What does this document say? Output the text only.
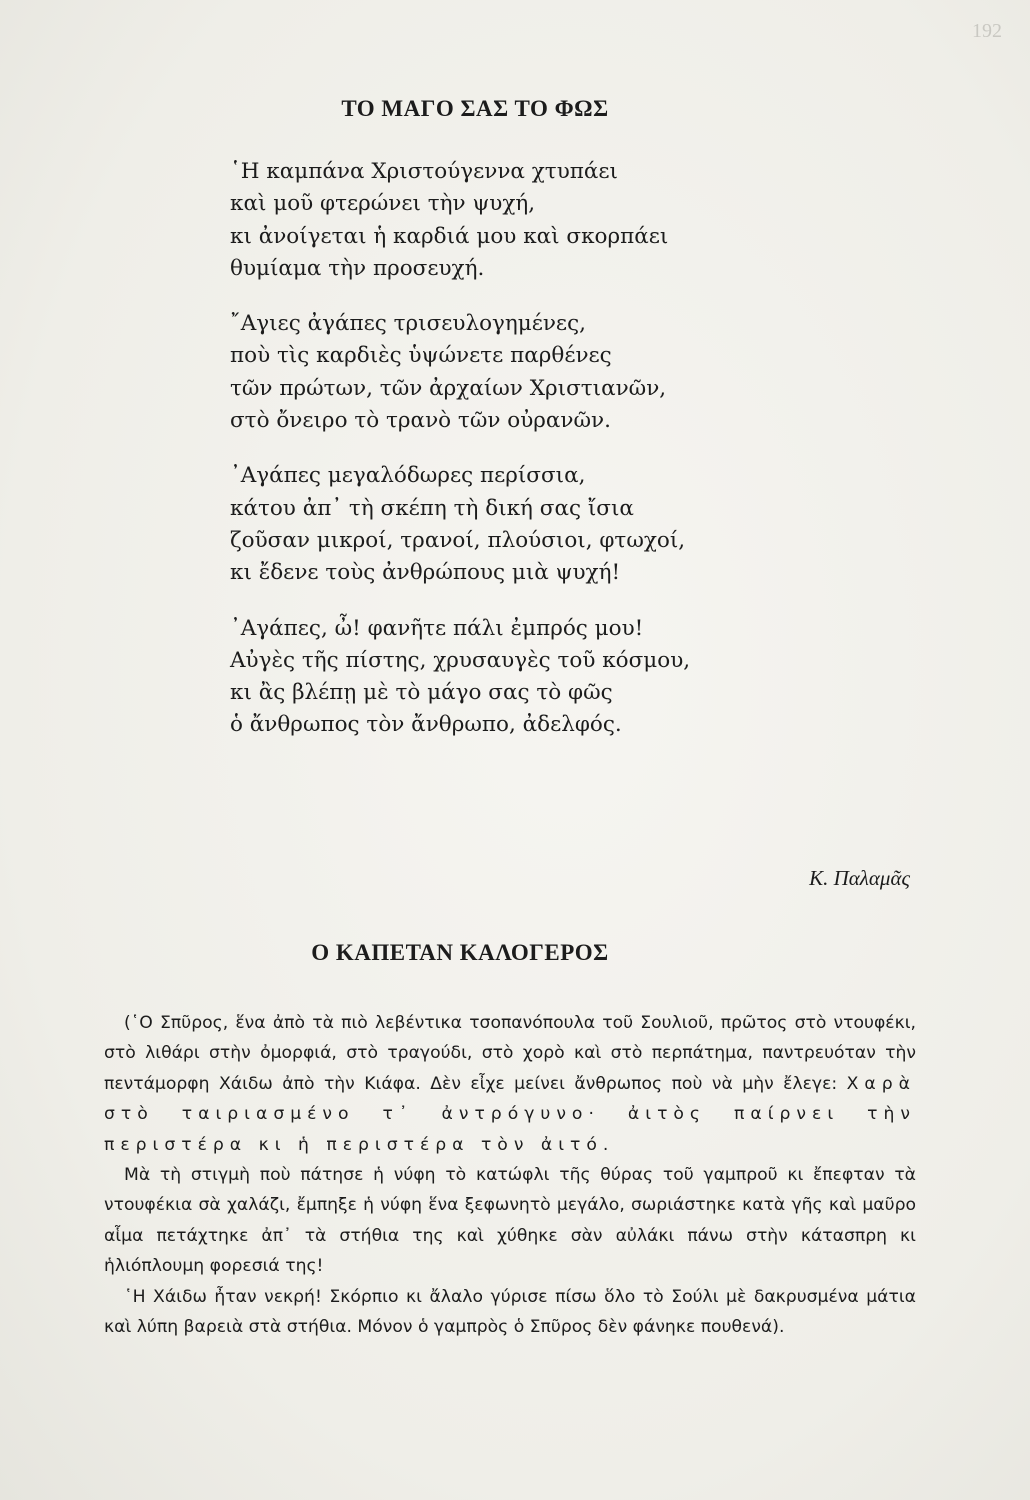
192
ΤΟ ΜΑΓΟ ΣΑΣ ΤΟ ΦΩΣ
῾Η καμπάνα Χριστούγεννα χτυπάει
καὶ μοῦ φτερώνει τὴν ψυχή,
κι ἀνοίγεται ἡ καρδιά μου καὶ σκορπάει
θυμίαμα τὴν προσευχή.
῎Αγιες ἀγάπες τρισευλογημένες,
ποὺ τὶς καρδιὲς ὑψώνετε παρθένες
τῶν πρώτων, τῶν ἀρχαίων Χριστιανῶν,
στὸ ὄνειρο τὸ τρανὸ τῶν οὐρανῶν.
᾿Αγάπες μεγαλόδωρες περίσσια,
κάτου ἀπ᾿ τὴ σκέπη τὴ δική σας ἴσια
ζοῦσαν μικροί, τρανοί, πλούσιοι, φτωχοί,
κι ἔδενε τοὺς ἀνθρώπους μιὰ ψυχή!
᾿Αγάπες, ὦ! φανῆτε πάλι ἐμπρός μου!
Αὐγὲς τῆς πίστης, χρυσαυγὲς τοῦ κόσμου,
κι ἂς βλέπῃ μὲ τὸ μάγο σας τὸ φῶς
ὁ ἄνθρωπος τὸν ἄνθρωπο, ἀδελφός.
Κ. Παλαμᾶς
Ο ΚΑΠΕΤΑΝ ΚΑΛΟΓΕΡΟΣ

(῾Ο Σπῦρος, ἕνα ἀπὸ τὰ πιὸ λεβέντικα τσοπανόπουλα τοῦ Σουλιοῦ, πρῶτος στὸ ντουφέκι, στὸ λιθάρι στὴν ὀμορφιά, στὸ τραγούδι, στὸ χορὸ καὶ στὸ περπάτημα, παντρευόταν τὴν πεντάμορφη Χάιδω ἀπὸ τὴν Κιάφα. Δὲν εἶχε μείνει ἄνθρωπος ποὺ νὰ μὴν ἔλεγε: Χαρὰ στὸ ταιριασμένο τ᾿ ἀντρόγυνο· ἀιτὸς παίρνει τὴν περιστέρα κι ἡ περιστέρα τὸν ἀιτό.

Μὰ τὴ στιγμὴ ποὺ πάτησε ἡ νύφη τὸ κατώφλι τῆς θύρας τοῦ γαμπροῦ κι ἔπεφταν τὰ ντουφέκια σὰ χαλάζι, ἔμπηξε ἡ νύφη ἕνα ξεφωνητὸ μεγάλο, σωριάστηκε κατὰ γῆς καὶ μαῦρο αἷμα πετάχτηκε ἀπ᾿ τὰ στήθια της καὶ χύθηκε σὰν αὐλάκι πάνω στὴν κάτασπρη κι ἡλιόπλουμη φορεσιά της!

῾Η Χάιδω ἦταν νεκρή! Σκόρπιο κι ἄλαλο γύρισε πίσω ὅλο τὸ Σούλι μὲ δακρυσμένα μάτια καὶ λύπη βαρειὰ στὰ στήθια. Μόνον ὁ γαμπρὸς ὁ Σπῦρος δὲν φάνηκε πουθενά).
